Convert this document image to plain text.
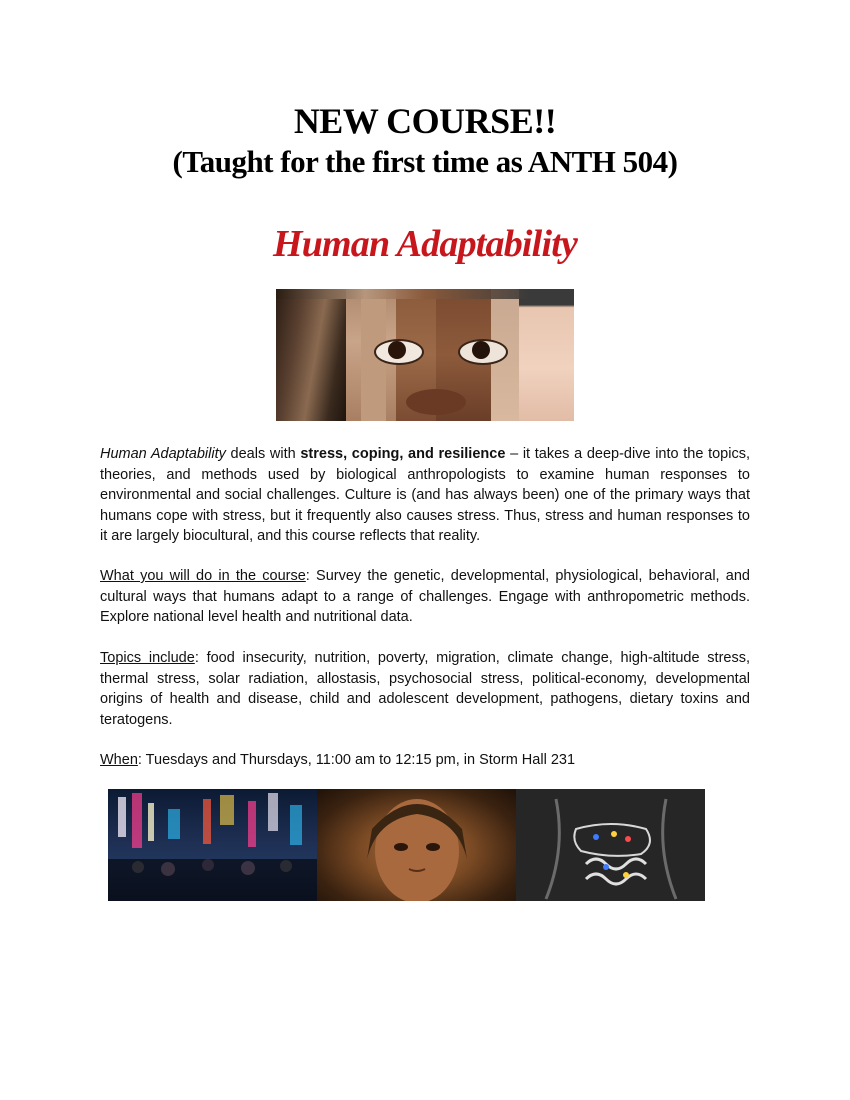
NEW COURSE!!
(Taught for the first time as ANTH 504)
Human Adaptability
Human Adaptability deals with stress, coping, and resilience – it takes a deep-dive into the topics, theories, and methods used by biological anthropologists to examine human responses to environmental and social challenges. Culture is (and has always been) one of the primary ways that humans cope with stress, but it frequently also causes stress. Thus, stress and human responses to it are largely biocultural, and this course reflects that reality.
What you will do in the course: Survey the genetic, developmental, physiological, behavioral, and cultural ways that humans adapt to a range of challenges. Engage with anthropometric methods. Explore national level health and nutritional data.
Topics include: food insecurity, nutrition, poverty, migration, climate change, high-altitude stress, thermal stress, solar radiation, allostasis, psychosocial stress, political-economy, developmental origins of health and disease, child and adolescent development, pathogens, dietary toxins and teratogens.
When: Tuesdays and Thursdays, 11:00 am to 12:15 pm, in Storm Hall 231
